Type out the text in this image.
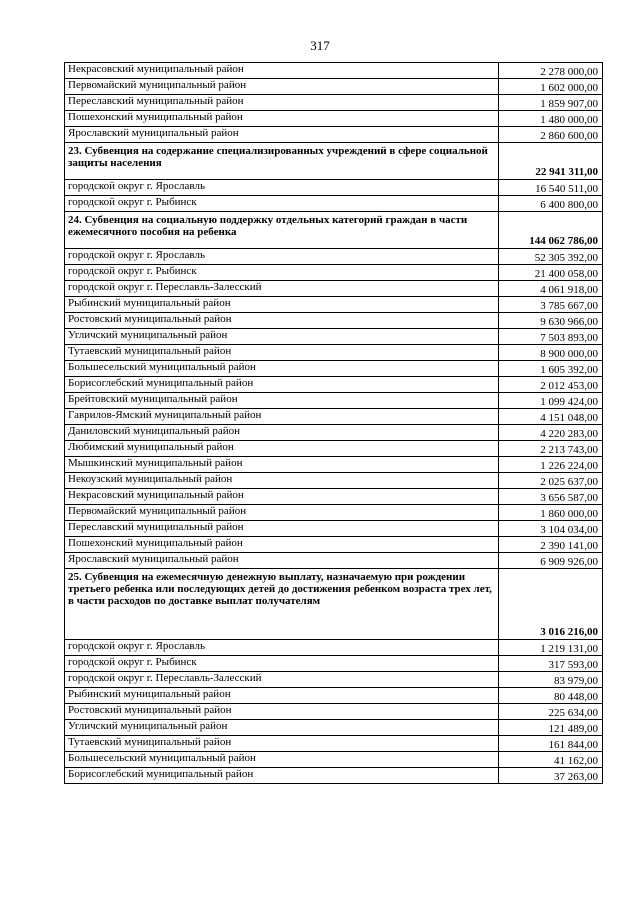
317
Некрасовский муниципальный район	2 278 000,00
Первомайский муниципальный район	1 602 000,00
Переславский муниципальный район	1 859 907,00
Пошехонский муниципальный район	1 480 000,00
Ярославский муниципальный район	2 860 600,00
23. Субвенция на содержание специализированных учреждений в сфере социальной защиты населения	22 941 311,00
городской округ г. Ярославль	16 540 511,00
городской округ г. Рыбинск	6 400 800,00
24. Субвенция на социальную поддержку отдельных категорий граждан в части ежемесячного пособия на ребенка	144 062 786,00
городской округ г. Ярославль	52 305 392,00
городской округ г. Рыбинск	21 400 058,00
городской округ г. Переславль-Залесский	4 061 918,00
Рыбинский муниципальный район	3 785 667,00
Ростовский муниципальный район	9 630 966,00
Угличский муниципальный район	7 503 893,00
Тутаевский муниципальный район	8 900 000,00
Большесельский муниципальный район	1 605 392,00
Борисоглебский муниципальный район	2 012 453,00
Брейтовский муниципальный район	1 099 424,00
Гаврилов-Ямский муниципальный район	4 151 048,00
Даниловский муниципальный район	4 220 283,00
Любимский муниципальный район	2 213 743,00
Мышкинский муниципальный район	1 226 224,00
Некоузский муниципальный район	2 025 637,00
Некрасовский муниципальный район	3 656 587,00
Первомайский муниципальный район	1 860 000,00
Переславский муниципальный район	3 104 034,00
Пошехонский муниципальный район	2 390 141,00
Ярославский муниципальный район	6 909 926,00
25. Субвенция на ежемесячную денежную выплату, назначаемую при рождении третьего ребенка или последующих детей до достижения ребенком возраста трех лет, в части расходов по доставке выплат получателям	3 016 216,00
городской округ г. Ярославль	1 219 131,00
городской округ г. Рыбинск	317 593,00
городской округ г. Переславль-Залесский	83 979,00
Рыбинский муниципальный район	80 448,00
Ростовский муниципальный район	225 634,00
Угличский муниципальный район	121 489,00
Тутаевский муниципальный район	161 844,00
Большесельский муниципальный район	41 162,00
Борисоглебский муниципальный район	37 263,00
